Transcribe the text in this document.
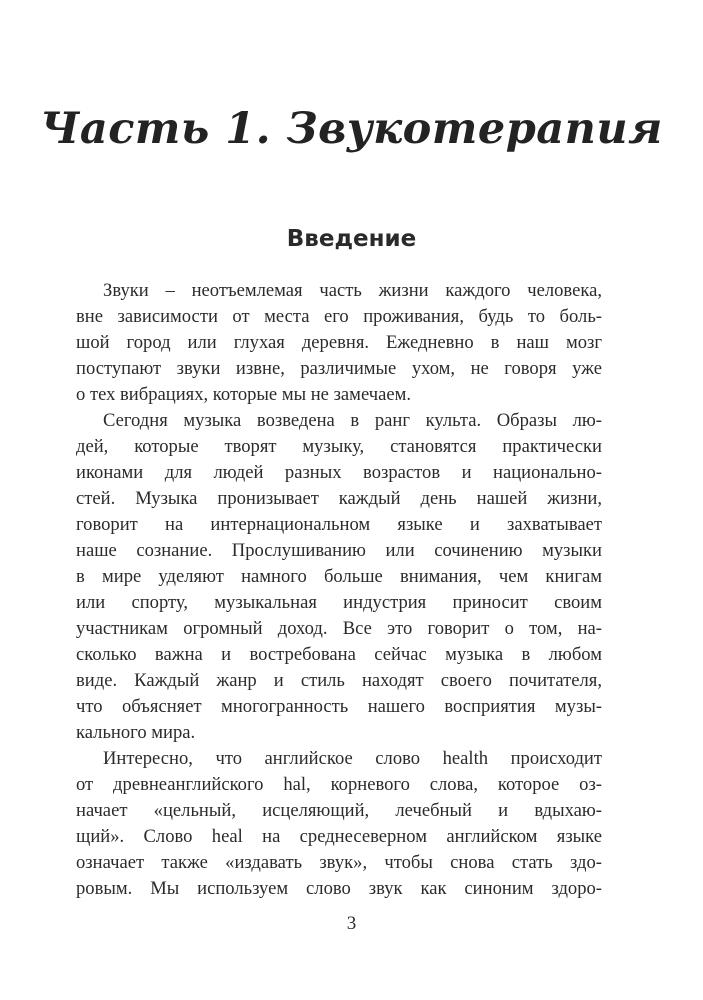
Часть 1. Звукотерапия
Введение
Звуки – неотъемлемая часть жизни каждого человека,
вне зависимости от места его проживания, будь то боль-
шой город или глухая деревня. Ежедневно в наш мозг
поступают звуки извне, различимые ухом, не говоря уже
о тех вибрациях, которые мы не замечаем.
Сегодня музыка возведена в ранг культа. Образы лю-
дей, которые творят музыку, становятся практически
иконами для людей разных возрастов и национально-
стей. Музыка пронизывает каждый день нашей жизни,
говорит на интернациональном языке и захватывает
наше сознание. Прослушиванию или сочинению музыки
в мире уделяют намного больше внимания, чем книгам
или спорту, музыкальная индустрия приносит своим
участникам огромный доход. Все это говорит о том, на-
сколько важна и востребована сейчас музыка в любом
виде. Каждый жанр и стиль находят своего почитателя,
что объясняет многогранность нашего восприятия музы-
кального мира.
Интересно, что английское слово health происходит
от древнеанглийского hal, корневого слова, которое оз-
начает «цельный, исцеляющий, лечебный и вдыхаю-
щий». Слово heal на среднесеверном английском языке
означает также «издавать звук», чтобы снова стать здо-
ровым. Мы используем слово звук как синоним здоро-
3
